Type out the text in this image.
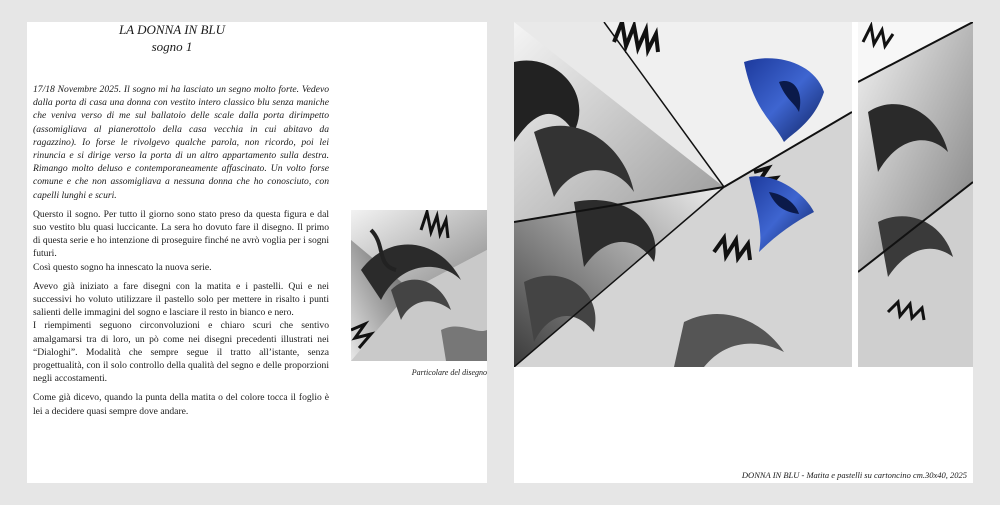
LA DONNA IN BLU
sogno 1

17/18 Novembre 2025. Il sogno mi ha lasciato un segno molto forte. Vedevo dalla porta di casa una donna con vestito intero classico blu senza maniche che veniva verso di me sul ballatoio delle scale dalla porta dirimpetto (assomigliava al pianerottolo della casa vecchia in cui abitavo da ragazzino). Io forse le rivolgevo qualche parola, non ricordo, poi lei rinuncia e si dirige verso la porta di un altro appartamento sulla destra. Rimango molto deluso e contemporaneamente affascinato. Un volto forse comune e che non assomigliava a nessuna donna che ho conosciuto, con capelli lunghi e scuri.

Quersto il sogno. Per tutto il giorno sono stato preso da questa figura e dal suo vestito blu quasi luccicante. La sera ho dovuto fare il disegno. Il primo di questa serie e ho intenzione di proseguire finché ne avrò voglia per i sogni futuri.
Così questo sogno ha innescato la nuova serie.

Avevo già iniziato a fare disegni con la matita e i pastelli. Qui e nei successivi ho voluto utilizzare il pastello solo per mettere in risalto i punti salienti delle immagini del sogno e lasciare il resto in bianco e nero.
I riempimenti seguono circonvoluzioni e chiaro scuri che sentivo amalgamarsi tra di loro, un pò come nei disegni precedenti illustrati nei “Dialoghi”. Modalità che sempre segue il tratto all’istante, senza progettualità, con il solo controllo della qualità del segno e delle proporzioni negli accostamenti.

Come già dicevo, quando la punta della matita o del colore tocca il foglio è lei a decidere quasi sempre dove andare.

Particolare del disegno
DONNA IN BLU - Matita e pastelli su cartoncino cm.30x40, 2025
